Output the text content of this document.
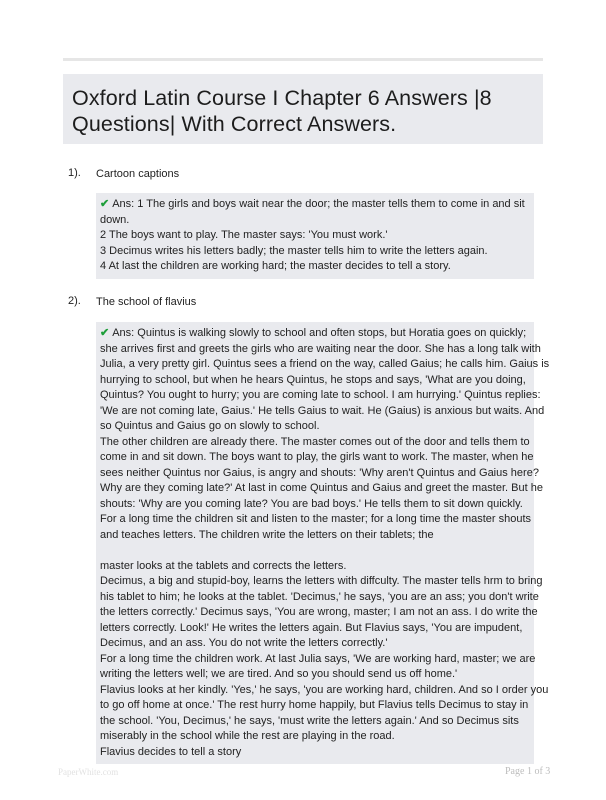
Oxford Latin Course I Chapter 6 Answers |8
Questions| With Correct Answers.
1). Cartoon captions
✔ Ans: 1 The girls and boys wait near the door; the master tells them to come in and sit
down.
2 The boys want to play. The master says: 'You must work.'
3 Decimus writes his letters badly; the master tells him to write the letters again.
4 At last the children are working hard; the master decides to tell a story.
2). The school of flavius
✔ Ans: Quintus is walking slowly to school and often stops, but Horatia goes on quickly;
she arrives first and greets the girls who are waiting near the door. She has a long talk with
Julia, a very pretty girl. Quintus sees a friend on the way, called Gaius; he calls him. Gaius is
hurrying to school, but when he hears Quintus, he stops and says, 'What are you doing,
Quintus? You ought to hurry; you are coming late to school. I am hurrying.' Quintus replies:
'We are not coming late, Gaius.' He tells Gaius to wait. He (Gaius) is anxious but waits. And
so Quintus and Gaius go on slowly to school.
The other children are already there. The master comes out of the door and tells them to
come in and sit down. The boys want to play, the girls want to work. The master, when he
sees neither Quintus nor Gaius, is angry and shouts: 'Why aren't Quintus and Gaius here?
Why are they coming late?' At last in come Quintus and Gaius and greet the master. But he
shouts: 'Why are you coming late? You are bad boys.' He tells them to sit down quickly.
For a long time the children sit and listen to the master; for a long time the master shouts
and teaches letters. The children write the letters on their tablets; the
master looks at the tablets and corrects the letters.
Decimus, a big and stupid-boy, learns the letters with diffculty. The master tells hrm to bring
his tablet to him; he looks at the tablet. 'Decimus,' he says, 'you are an ass; you don't write
the letters correctly.' Decimus says, 'You are wrong, master; I am not an ass. I do write the
letters correctly. Look!' He writes the letters again. But Flavius says, 'You are impudent,
Decimus, and an ass. You do not write the letters correctly.'
For a long time the children work. At last Julia says, 'We are working hard, master; we are
writing the letters well; we are tired. And so you should send us off home.'
Flavius looks at her kindly. 'Yes,' he says, 'you are working hard, children. And so I order you
to go off home at once.' The rest hurry home happily, but Flavius tells Decimus to stay in
the school. 'You, Decimus,' he says, 'must write the letters again.' And so Decimus sits
miserably in the school while the rest are playing in the road.
Flavius decides to tell a story
PaperWhite.com	Page 1 of 3
